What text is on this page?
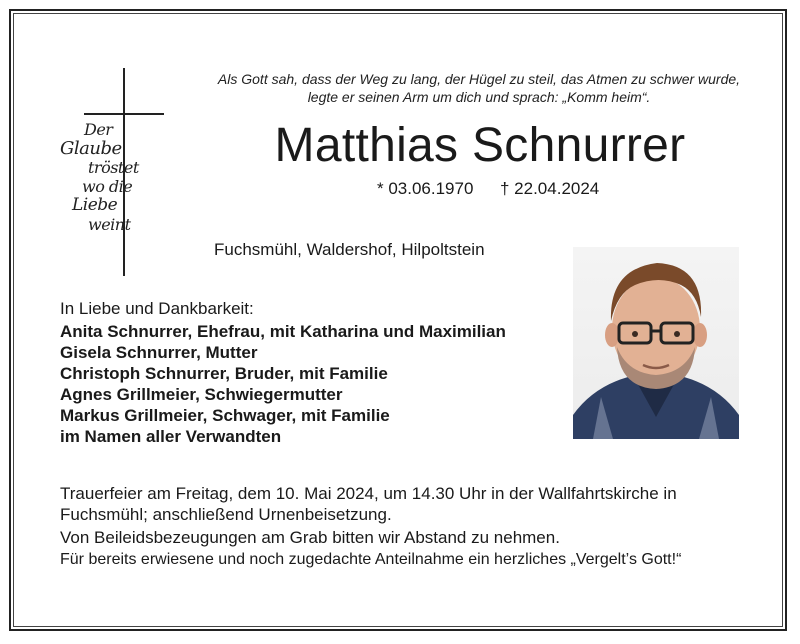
Der
Glaube
tröstet
wo die
Liebe
weint
Als Gott sah, dass der Weg zu lang, der Hügel zu steil, das Atmen zu schwer wurde, legte er seinen Arm um dich und sprach: „Komm heim“.
Matthias Schnurrer
* 03.06.1970 † 22.04.2024
Fuchsmühl, Waldershof, Hilpoltstein
In Liebe und Dankbarkeit:
Anita Schnurrer, Ehefrau, mit Katharina und Maximilian
Gisela Schnurrer, Mutter
Christoph Schnurrer, Bruder, mit Familie
Agnes Grillmeier, Schwiegermutter
Markus Grillmeier, Schwager, mit Familie
im Namen aller Verwandten
Trauerfeier am Freitag, dem 10. Mai 2024, um 14.30 Uhr in der Wallfahrtskirche in Fuchsmühl; anschließend Urnenbeisetzung.
Von Beileidsbezeugungen am Grab bitten wir Abstand zu nehmen.
Für bereits erwiesene und noch zugedachte Anteilnahme ein herzliches „Vergelt’s Gott!“
